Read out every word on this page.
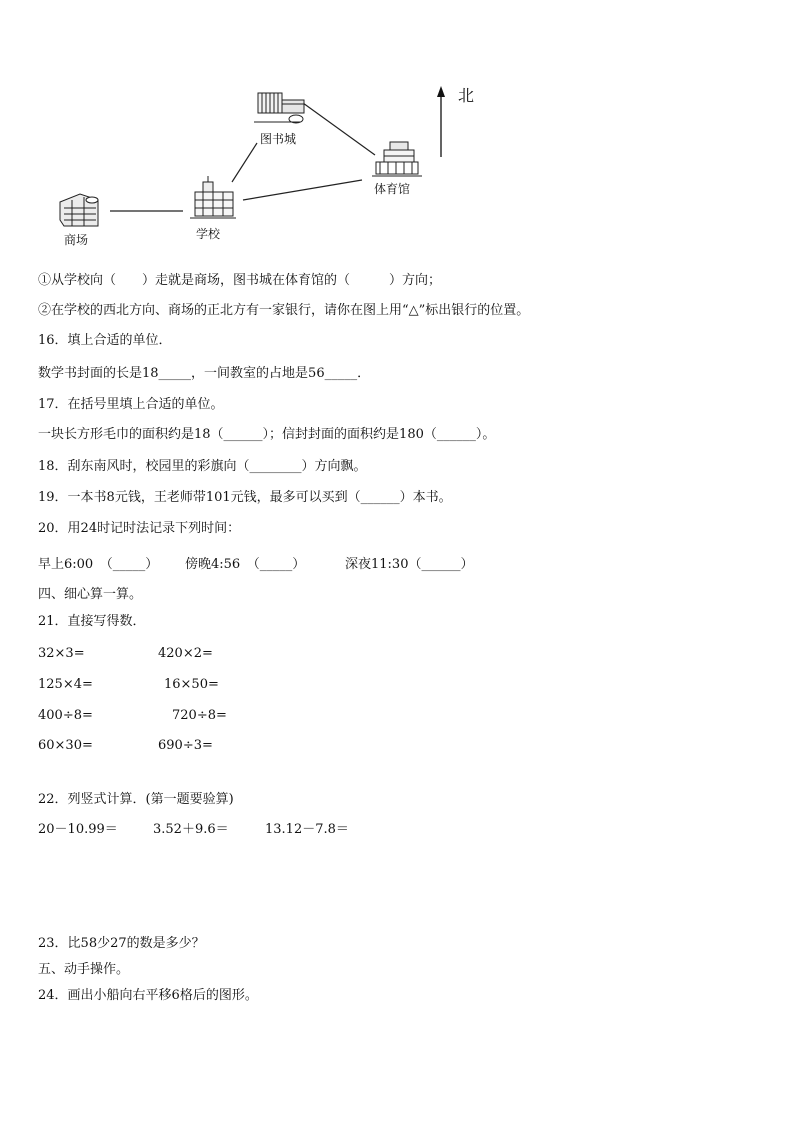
北
图书城
体育馆
学校
商场
①从学校向（　　）走就是商场，图书城在体育馆的（　　　）方向；
②在学校的西北方向、商场的正北方有一家银行，请你在图上用“△”标出银行的位置。
16．填上合适的单位．
数学书封面的长是18_____，一间教室的占地是56_____．
17．在括号里填上合适的单位。
一块长方形毛巾的面积约是18（______）；信封封面的面积约是180（______）。
18．刮东南风时，校园里的彩旗向（________）方向飘。
19．一本书8元钱，王老师带101元钱，最多可以买到（______）本书。
20．用24时记时法记录下列时间：
早上6:00　（_____） 傍晚4:56　（_____）	深夜11:30（______）
四、细心算一算。
21．直接写得数．
32×3=	420×2=
125×4=	16×50=
400÷8=	720÷8=
60×30=	690÷3=
22．列竖式计算．(第一题要验算)
20－10.99＝	3.52＋9.6＝	13.12－7.8＝
23．比58少27的数是多少？
五、动手操作。
24．画出小船向右平移6格后的图形。
